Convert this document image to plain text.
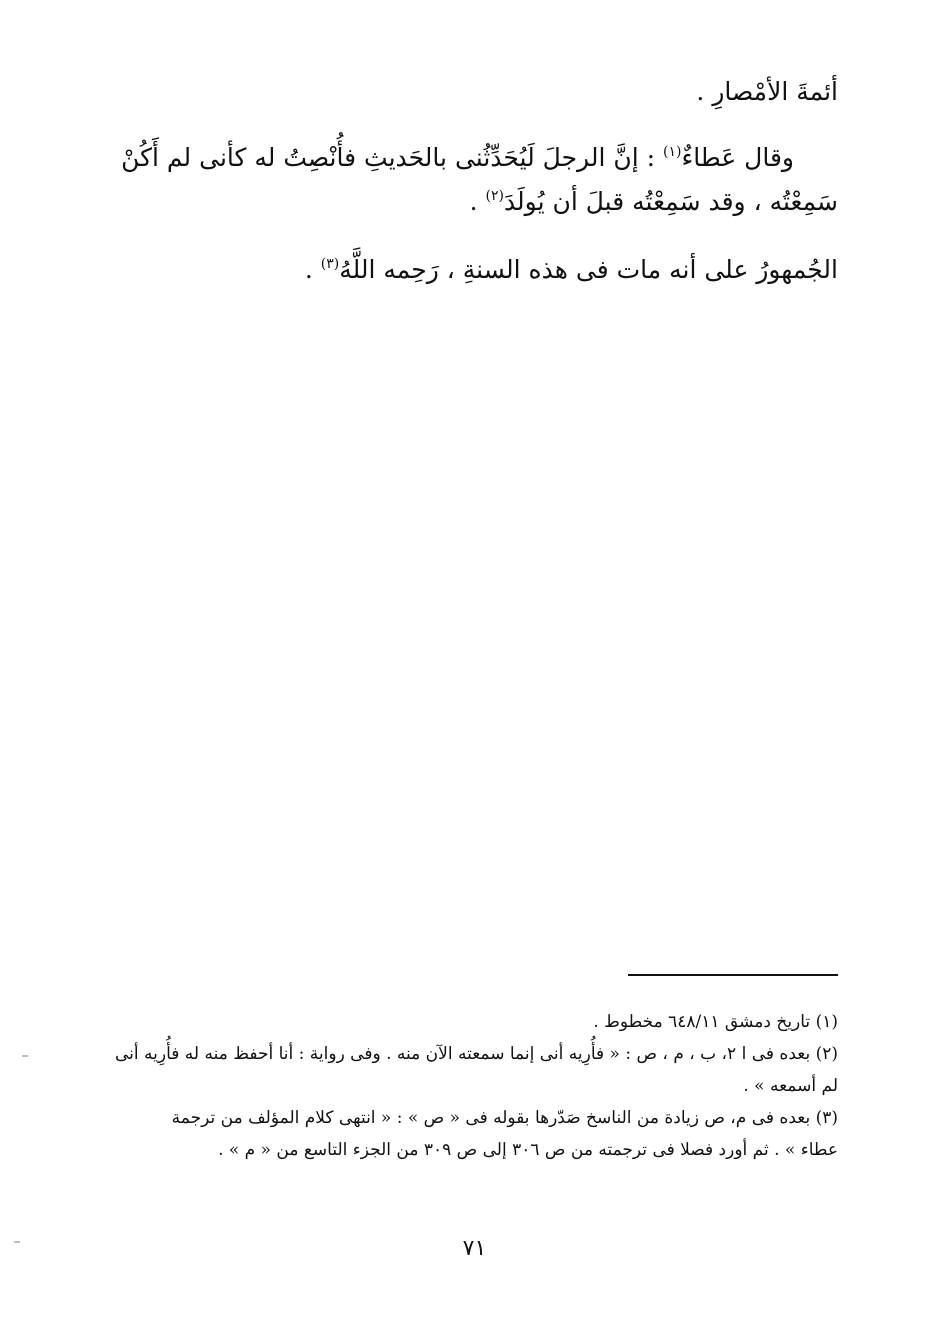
أئمةَ الأمْصارِ .
وقال عَطاءٌ$^{(١)}$ : إنَّ الرجلَ لَيُحَدِّثُنى بالحَديثِ فأُنْصِتُ له كأنى لم أَكُنْ
سَمِعْتُه ، وقد سَمِعْتُه قبلَ أن يُولَدَ$^{(٢)}$ .
الجُمهورُ على أنه مات فى هذه السنةِ ، رَحِمه اللَّهُ$^{(٣)}$ .

(١) تاريخ دمشق ٦٤٨/١١ مخطوط .

(٢) بعده فى ا ٢، ب ، م ، ص : « فأُرِيه أنى إنما سمعته الآن منه . وفى رواية : أنا أحفظ منه له فأُرِيه أنى

لم أسمعه » .

(٣) بعده فى م، ص زيادة من الناسخ صَدّرها بقوله فى « ص » : « انتهى كلام المؤلف من ترجمة

عطاء » . ثم أورد فصلا فى ترجمته من ص ٣٠٦ إلى ص ٣٠٩ من الجزء التاسع من « م » .

٧١
